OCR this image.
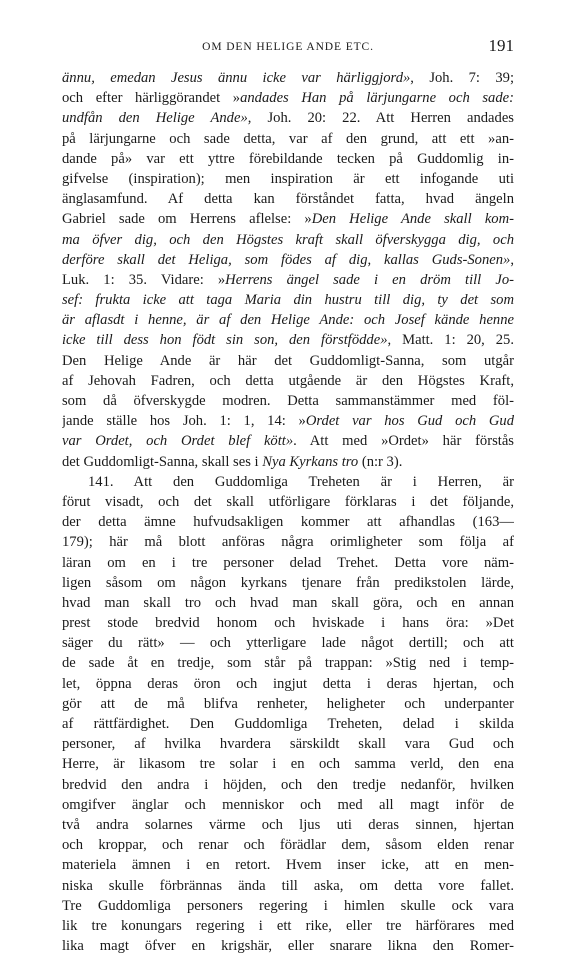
OM DEN HELIGE ANDE ETC.	191
ännu, emedan Jesus ännu icke var härliggjord», Joh. 7: 39;
och efter härliggörandet »andades Han på lärjungarne och sade:
undfån den Helige Ande», Joh. 20: 22. Att Herren andades
på lärjungarne och sade detta, var af den grund, att ett »an-
dande på» var ett yttre förebildande tecken på Guddomlig in-
gifvelse (inspiration); men inspiration är ett infogande uti
änglasamfund. Af detta kan förståndet fatta, hvad ängeln
Gabriel sade om Herrens aflelse: »Den Helige Ande skall kom-
ma öfver dig, och den Högstes kraft skall öfverskygga dig, och
derföre skall det Heliga, som födes af dig, kallas Guds-Sonen»,
Luk. 1: 35. Vidare: »Herrens ängel sade i en dröm till Jo-
sef: frukta icke att taga Maria din hustru till dig, ty det som
är aflasdt i henne, är af den Helige Ande: och Josef kände henne
icke till dess hon födt sin son, den förstfödde», Matt. 1: 20, 25.
Den Helige Ande är här det Guddomligt-Sanna, som utgår
af Jehovah Fadren, och detta utgående är den Högstes Kraft,
som då öfverskygde modren. Detta sammanstämmer med föl-
jande ställe hos Joh. 1: 1, 14: »Ordet var hos Gud och Gud
var Ordet, och Ordet blef kött». Att med »Ordet» här förstås
det Guddomligt-Sanna, skall ses i Nya Kyrkans tro (n:r 3).
141. Att den Guddomliga Treheten är i Herren, är
förut visadt, och det skall utförligare förklaras i det följande,
der detta ämne hufvudsakligen kommer att afhandlas (163—
179); här må blott anföras några orimligheter som följa af
läran om en i tre personer delad Trehet. Detta vore näm-
ligen såsom om någon kyrkans tjenare från predikstolen lärde,
hvad man skall tro och hvad man skall göra, och en annan
prest stode bredvid honom och hviskade i hans öra: »Det
säger du rätt» — och ytterligare lade något dertill; och att
de sade åt en tredje, som står på trappan: »Stig ned i temp-
let, öppna deras öron och ingjut detta i deras hjertan, och
gör att de må blifva renheter, heligheter och underpanter
af rättfärdighet. Den Guddomliga Treheten, delad i skilda
personer, af hvilka hvardera särskildt skall vara Gud och
Herre, är likasom tre solar i en och samma verld, den ena
bredvid den andra i höjden, och den tredje nedanför, hvilken
omgifver änglar och menniskor och med all magt inför de
två andra solarnes värme och ljus uti deras sinnen, hjertan
och kroppar, och renar och förädlar dem, såsom elden renar
materiela ämnen i en retort. Hvem inser icke, att en men-
niska skulle förbrännas ända till aska, om detta vore fallet.
Tre Guddomliga personers regering i himlen skulle ock vara
lik tre konungars regering i ett rike, eller tre härförares med
lika magt öfver en krigshär, eller snarare likna den Romer-
